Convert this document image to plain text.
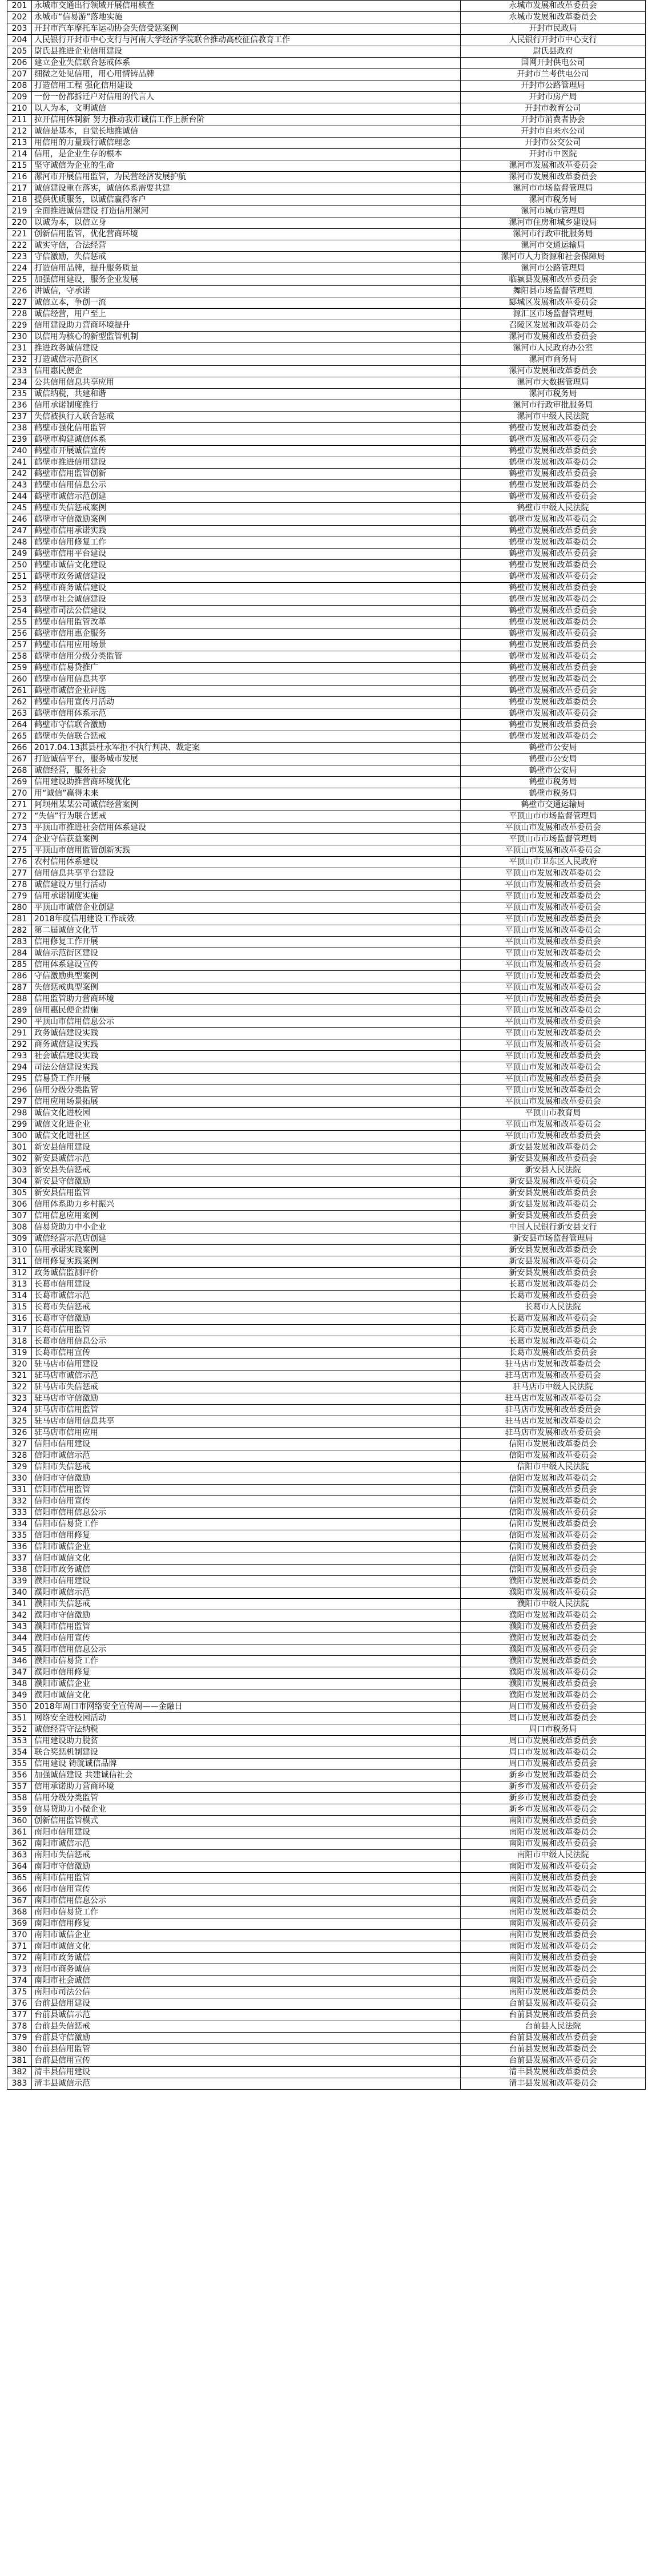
201	永城市交通出行领域开展信用核查	永城市发展和改革委员会
202	永城市“信易游”落地实施	永城市发展和改革委员会
203	开封市汽车摩托车运动协会失信受惩案例	开封市民政局
204	人民银行开封市中心支行与河南大学经济学院联合推动高校征信教育工作	人民银行开封市中心支行
205	尉氏县推进企业信用建设	尉氏县政府
206	建立企业失信联合惩戒体系	国网开封供电公司
207	细微之处见信用，用心用情铸品牌	开封市兰考供电公司
208	打造信用工程 强化信用建设	开封市公路管理局
209	一份一份都拆迁户对信用的代言人	开封市房产局
210	以人为本，文明诚信	开封市教育公司
211	拉开信用体制新 努力推动我市诚信工作上新台阶	开封市消费者协会
212	诚信是基本，自觉长地推诚信	开封市自来水公司
213	用信用的力量践行诚信理念	开封市公交公司
214	信用，是企业生存的根本	开封市中医院
215	坚守诚信为企业的生命	漯河市发展和改革委员会
216	漯河市开展信用监管，为民营经济发展护航	漯河市发展和改革委员会
217	诚信建设重在落实，诚信体系需要共建	漯河市市场监督管理局
218	提供优质服务，以诚信赢得客户	漯河市税务局
219	全面推进诚信建设 打造信用漯河	漯河市城市管理局
220	以诚为本，以信立身	漯河市住房和城乡建设局
221	创新信用监管，优化营商环境	漯河市行政审批服务局
222	诚实守信，合法经营	漯河市交通运输局
223	守信激励，失信惩戒	漯河市人力资源和社会保障局
224	打造信用品牌，提升服务质量	漯河市公路管理局
225	加强信用建设，服务企业发展	临颍县发展和改革委员会
226	讲诚信，守承诺	舞阳县市场监督管理局
227	诚信立本，争创一流	郾城区发展和改革委员会
228	诚信经营，用户至上	源汇区市场监督管理局
229	信用建设助力营商环境提升	召陵区发展和改革委员会
230	以信用为核心的新型监管机制	漯河市发展和改革委员会
231	推进政务诚信建设	漯河市人民政府办公室
232	打造诚信示范街区	漯河市商务局
233	信用惠民便企	漯河市发展和改革委员会
234	公共信用信息共享应用	漯河市大数据管理局
235	诚信纳税，共建和谐	漯河市税务局
236	信用承诺制度推行	漯河市行政审批服务局
237	失信被执行人联合惩戒	漯河市中级人民法院
238	鹤壁市强化信用监管	鹤壁市发展和改革委员会
239	鹤壁市构建诚信体系	鹤壁市发展和改革委员会
240	鹤壁市开展诚信宣传	鹤壁市发展和改革委员会
241	鹤壁市推进信用建设	鹤壁市发展和改革委员会
242	鹤壁市信用监管创新	鹤壁市发展和改革委员会
243	鹤壁市信用信息公示	鹤壁市发展和改革委员会
244	鹤壁市诚信示范创建	鹤壁市发展和改革委员会
245	鹤壁市失信惩戒案例	鹤壁市中级人民法院
246	鹤壁市守信激励案例	鹤壁市发展和改革委员会
247	鹤壁市信用承诺实践	鹤壁市发展和改革委员会
248	鹤壁市信用修复工作	鹤壁市发展和改革委员会
249	鹤壁市信用平台建设	鹤壁市发展和改革委员会
250	鹤壁市诚信文化建设	鹤壁市发展和改革委员会
251	鹤壁市政务诚信建设	鹤壁市发展和改革委员会
252	鹤壁市商务诚信建设	鹤壁市发展和改革委员会
253	鹤壁市社会诚信建设	鹤壁市发展和改革委员会
254	鹤壁市司法公信建设	鹤壁市发展和改革委员会
255	鹤壁市信用监管改革	鹤壁市发展和改革委员会
256	鹤壁市信用惠企服务	鹤壁市发展和改革委员会
257	鹤壁市信用应用场景	鹤壁市发展和改革委员会
258	鹤壁市信用分级分类监管	鹤壁市发展和改革委员会
259	鹤壁市信易贷推广	鹤壁市发展和改革委员会
260	鹤壁市信用信息共享	鹤壁市发展和改革委员会
261	鹤壁市诚信企业评选	鹤壁市发展和改革委员会
262	鹤壁市信用宣传月活动	鹤壁市发展和改革委员会
263	鹤壁市信用体系示范	鹤壁市发展和改革委员会
264	鹤壁市守信联合激励	鹤壁市发展和改革委员会
265	鹤壁市失信联合惩戒	鹤壁市发展和改革委员会
266	2017.04.13淇县杜永军拒不执行判决、裁定案	鹤壁市公安局
267	打造诚信平台，服务城市发展	鹤壁市公安局
268	诚信经营，服务社会	鹤壁市公安局
269	信用建设助推营商环境优化	鹤壁市税务局
270	用“诚信”赢得未来	鹤壁市税务局
271	阿坝州某某公司诚信经营案例	鹤壁市交通运输局
272	“失信”行为联合惩戒	平顶山市市场监督管理局
273	平顶山市推进社会信用体系建设	平顶山市发展和改革委员会
274	企业守信获益案例	平顶山市市场监督管理局
275	平顶山市信用监管创新实践	平顶山市发展和改革委员会
276	农村信用体系建设	平顶山市卫东区人民政府
277	信用信息共享平台建设	平顶山市发展和改革委员会
278	诚信建设万里行活动	平顶山市发展和改革委员会
279	信用承诺制度实施	平顶山市发展和改革委员会
280	平顶山市诚信企业创建	平顶山市发展和改革委员会
281	2018年度信用建设工作成效	平顶山市发展和改革委员会
282	第二届诚信文化节	平顶山市发展和改革委员会
283	信用修复工作开展	平顶山市发展和改革委员会
284	诚信示范街区建设	平顶山市发展和改革委员会
285	信用体系建设宣传	平顶山市发展和改革委员会
286	守信激励典型案例	平顶山市发展和改革委员会
287	失信惩戒典型案例	平顶山市发展和改革委员会
288	信用监管助力营商环境	平顶山市发展和改革委员会
289	信用惠民便企措施	平顶山市发展和改革委员会
290	平顶山市信用信息公示	平顶山市发展和改革委员会
291	政务诚信建设实践	平顶山市发展和改革委员会
292	商务诚信建设实践	平顶山市发展和改革委员会
293	社会诚信建设实践	平顶山市发展和改革委员会
294	司法公信建设实践	平顶山市发展和改革委员会
295	信易贷工作开展	平顶山市发展和改革委员会
296	信用分级分类监管	平顶山市发展和改革委员会
297	信用应用场景拓展	平顶山市发展和改革委员会
298	诚信文化进校园	平顶山市教育局
299	诚信文化进企业	平顶山市发展和改革委员会
300	诚信文化进社区	平顶山市发展和改革委员会
301	新安县信用建设	新安县发展和改革委员会
302	新安县诚信示范	新安县发展和改革委员会
303	新安县失信惩戒	新安县人民法院
304	新安县守信激励	新安县发展和改革委员会
305	新安县信用监管	新安县发展和改革委员会
306	信用体系助力乡村振兴	新安县发展和改革委员会
307	信用信息应用案例	新安县发展和改革委员会
308	信易贷助力中小企业	中国人民银行新安县支行
309	诚信经营示范店创建	新安县市场监督管理局
310	信用承诺实践案例	新安县发展和改革委员会
311	信用修复实践案例	新安县发展和改革委员会
312	政务诚信监测评价	新安县发展和改革委员会
313	长葛市信用建设	长葛市发展和改革委员会
314	长葛市诚信示范	长葛市发展和改革委员会
315	长葛市失信惩戒	长葛市人民法院
316	长葛市守信激励	长葛市发展和改革委员会
317	长葛市信用监管	长葛市发展和改革委员会
318	长葛市信用信息公示	长葛市发展和改革委员会
319	长葛市信用宣传	长葛市发展和改革委员会
320	驻马店市信用建设	驻马店市发展和改革委员会
321	驻马店市诚信示范	驻马店市发展和改革委员会
322	驻马店市失信惩戒	驻马店市中级人民法院
323	驻马店市守信激励	驻马店市发展和改革委员会
324	驻马店市信用监管	驻马店市发展和改革委员会
325	驻马店市信用信息共享	驻马店市发展和改革委员会
326	驻马店市信用应用	驻马店市发展和改革委员会
327	信阳市信用建设	信阳市发展和改革委员会
328	信阳市诚信示范	信阳市发展和改革委员会
329	信阳市失信惩戒	信阳市中级人民法院
330	信阳市守信激励	信阳市发展和改革委员会
331	信阳市信用监管	信阳市发展和改革委员会
332	信阳市信用宣传	信阳市发展和改革委员会
333	信阳市信用信息公示	信阳市发展和改革委员会
334	信阳市信易贷工作	信阳市发展和改革委员会
335	信阳市信用修复	信阳市发展和改革委员会
336	信阳市诚信企业	信阳市发展和改革委员会
337	信阳市诚信文化	信阳市发展和改革委员会
338	信阳市政务诚信	信阳市发展和改革委员会
339	濮阳市信用建设	濮阳市发展和改革委员会
340	濮阳市诚信示范	濮阳市发展和改革委员会
341	濮阳市失信惩戒	濮阳市中级人民法院
342	濮阳市守信激励	濮阳市发展和改革委员会
343	濮阳市信用监管	濮阳市发展和改革委员会
344	濮阳市信用宣传	濮阳市发展和改革委员会
345	濮阳市信用信息公示	濮阳市发展和改革委员会
346	濮阳市信易贷工作	濮阳市发展和改革委员会
347	濮阳市信用修复	濮阳市发展和改革委员会
348	濮阳市诚信企业	濮阳市发展和改革委员会
349	濮阳市诚信文化	濮阳市发展和改革委员会
350	2018年周口市网络安全宣传周——金融日	周口市发展和改革委员会
351	网络安全进校园活动	周口市发展和改革委员会
352	诚信经营守法纳税	周口市税务局
353	信用建设助力脱贫	周口市发展和改革委员会
354	联合奖惩机制建设	周口市发展和改革委员会
355	信用建设 铸就诚信品牌	周口市发展和改革委员会
356	加强诚信建设 共建诚信社会	新乡市发展和改革委员会
357	信用承诺助力营商环境	新乡市发展和改革委员会
358	信用分级分类监管	新乡市发展和改革委员会
359	信易贷助力小微企业	新乡市发展和改革委员会
360	创新信用监管模式	南阳市发展和改革委员会
361	南阳市信用建设	南阳市发展和改革委员会
362	南阳市诚信示范	南阳市发展和改革委员会
363	南阳市失信惩戒	南阳市中级人民法院
364	南阳市守信激励	南阳市发展和改革委员会
365	南阳市信用监管	南阳市发展和改革委员会
366	南阳市信用宣传	南阳市发展和改革委员会
367	南阳市信用信息公示	南阳市发展和改革委员会
368	南阳市信易贷工作	南阳市发展和改革委员会
369	南阳市信用修复	南阳市发展和改革委员会
370	南阳市诚信企业	南阳市发展和改革委员会
371	南阳市诚信文化	南阳市发展和改革委员会
372	南阳市政务诚信	南阳市发展和改革委员会
373	南阳市商务诚信	南阳市发展和改革委员会
374	南阳市社会诚信	南阳市发展和改革委员会
375	南阳市司法公信	南阳市发展和改革委员会
376	台前县信用建设	台前县发展和改革委员会
377	台前县诚信示范	台前县发展和改革委员会
378	台前县失信惩戒	台前县人民法院
379	台前县守信激励	台前县发展和改革委员会
380	台前县信用监管	台前县发展和改革委员会
381	台前县信用宣传	台前县发展和改革委员会
382	清丰县信用建设	清丰县发展和改革委员会
383	清丰县诚信示范	清丰县发展和改革委员会
